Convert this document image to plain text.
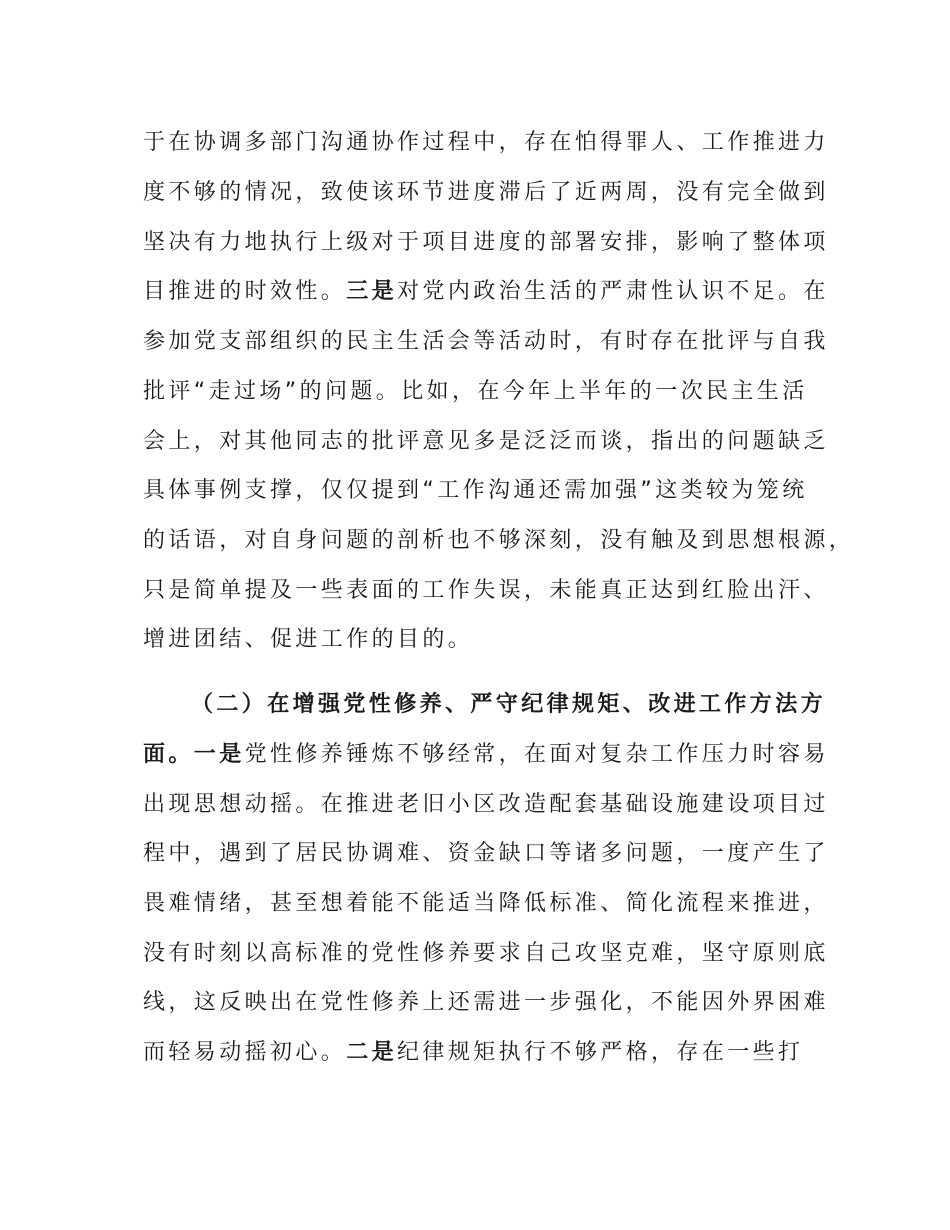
于在协调多部门沟通协作过程中，存在怕得罪人、工作推进力
度不够的情况，致使该环节进度滞后了近两周，没有完全做到
坚决有力地执行上级对于项目进度的部署安排，影响了整体项
目推进的时效性。三是对党内政治生活的严肃性认识不足。在
参加党支部组织的民主生活会等活动时，有时存在批评与自我
批评“走过场”的问题。比如，在今年上半年的一次民主生活
会上，对其他同志的批评意见多是泛泛而谈，指出的问题缺乏
具体事例支撑，仅仅提到“工作沟通还需加强”这类较为笼统
的话语，对自身问题的剖析也不够深刻，没有触及到思想根源，
只是简单提及一些表面的工作失误，未能真正达到红脸出汗、
增进团结、促进工作的目的。
（二）在增强党性修养、严守纪律规矩、改进工作方法方
面。一是党性修养锤炼不够经常，在面对复杂工作压力时容易
出现思想动摇。在推进老旧小区改造配套基础设施建设项目过
程中，遇到了居民协调难、资金缺口等诸多问题，一度产生了
畏难情绪，甚至想着能不能适当降低标准、简化流程来推进，
没有时刻以高标准的党性修养要求自己攻坚克难，坚守原则底
线，这反映出在党性修养上还需进一步强化，不能因外界困难
而轻易动摇初心。二是纪律规矩执行不够严格，存在一些打
